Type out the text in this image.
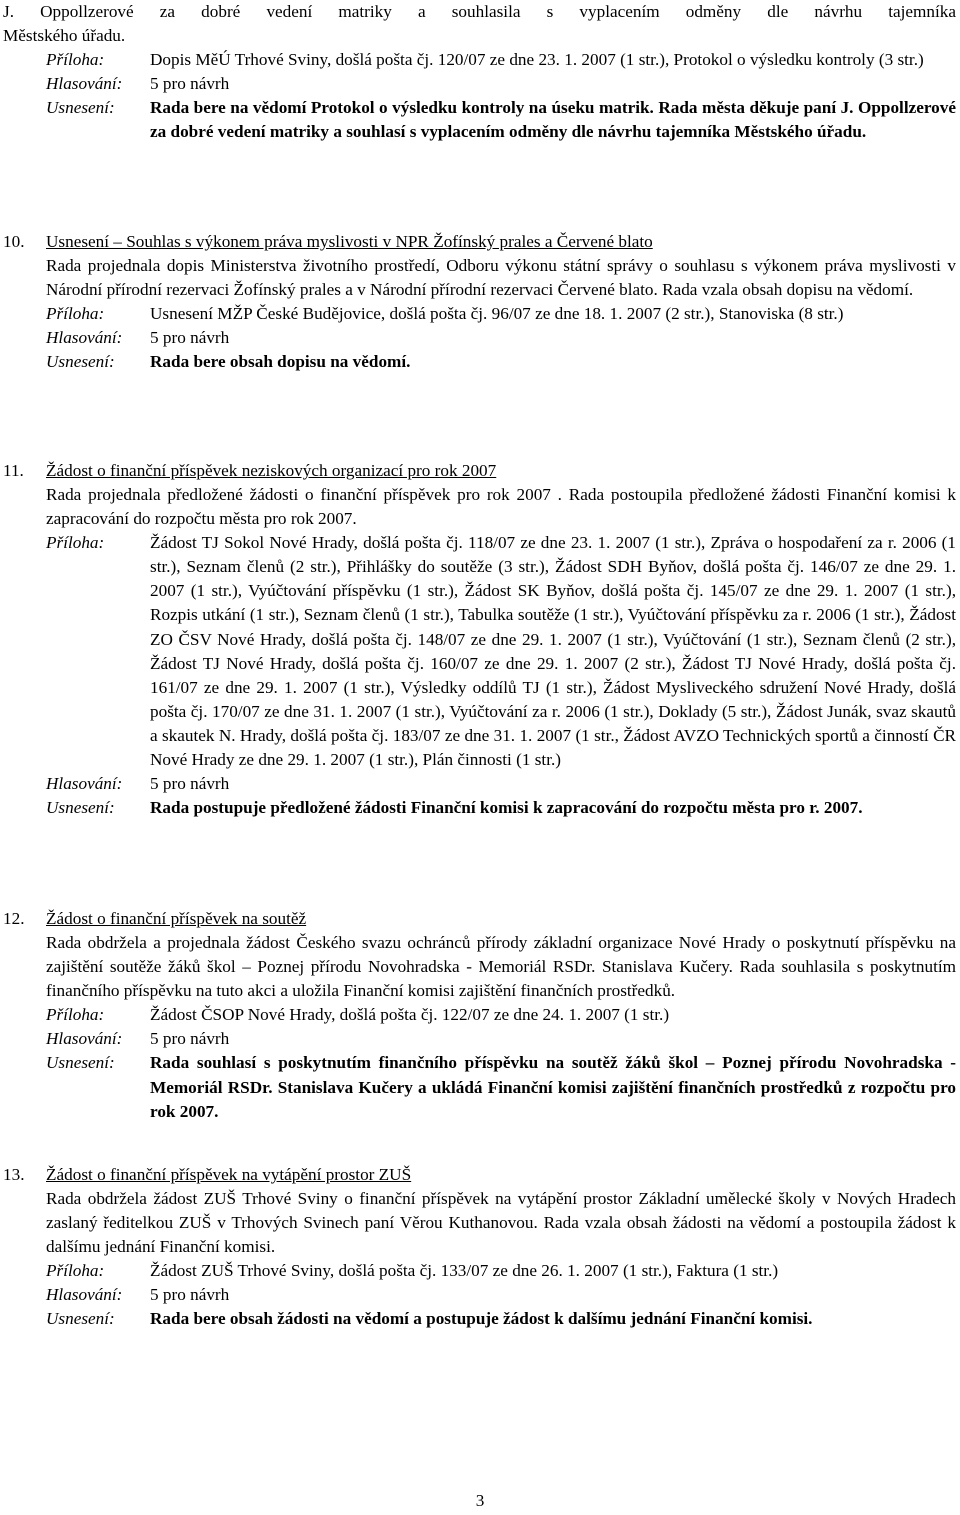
J. Oppollzerové za dobré vedení matriky a souhlasila s vyplacením odměny dle návrhu tajemníka
Městského úřadu.
Příloha:	Dopis MěÚ Trhové Sviny, došlá pošta čj. 120/07 ze dne 23. 1. 2007 (1 str.), Protokol o výsledku kontroly (3 str.)
Hlasování:	5 pro návrh
Usnesení:	Rada bere na vědomí Protokol o výsledku kontroly na úseku matrik. Rada města děkuje paní J. Oppollzerové za dobré vedení matriky a souhlasí s vyplacením odměny dle návrhu tajemníka Městského úřadu.
10. Usnesení – Souhlas s výkonem práva myslivosti v NPR Žofínský prales a Červené blato
Rada projednala dopis Ministerstva životního prostředí, Odboru výkonu státní správy o souhlasu s výkonem práva myslivosti v Národní přírodní rezervaci Žofínský prales a v Národní přírodní rezervaci Červené blato. Rada vzala obsah dopisu na vědomí.
Příloha:	Usnesení MŽP České Budějovice, došlá pošta čj. 96/07 ze dne 18. 1. 2007 (2 str.), Stanoviska (8 str.)
Hlasování:	5 pro návrh
Usnesení:	Rada bere obsah dopisu na vědomí.
11. Žádost o finanční příspěvek neziskových organizací pro rok 2007
Rada projednala předložené žádosti o finanční příspěvek pro rok 2007 . Rada postoupila předložené žádosti Finanční komisi k zapracování do rozpočtu města pro rok 2007.
Příloha:	Žádost TJ Sokol Nové Hrady, došlá pošta čj. 118/07 ze dne 23. 1. 2007 (1 str.), Zpráva o hospodaření za r. 2006 (1 str.), Seznam členů (2 str.), Přihlášky do soutěže (3 str.), Žádost SDH Byňov, došlá pošta čj. 146/07 ze dne 29. 1. 2007 (1 str.), Vyúčtování příspěvku (1 str.), Žádost SK Byňov, došlá pošta čj. 145/07 ze dne 29. 1. 2007 (1 str.), Rozpis utkání (1 str.), Seznam členů (1 str.), Tabulka soutěže (1 str.), Vyúčtování příspěvku za r. 2006 (1 str.), Žádost ZO ČSV Nové Hrady, došlá pošta čj. 148/07 ze dne 29. 1. 2007 (1 str.), Vyúčtování (1 str.), Seznam členů (2 str.), Žádost TJ Nové Hrady, došlá pošta čj. 160/07 ze dne 29. 1. 2007 (2 str.), Žádost TJ Nové Hrady, došlá pošta čj. 161/07 ze dne 29. 1. 2007 (1 str.), Výsledky oddílů TJ (1 str.), Žádost Mysliveckého sdružení Nové Hrady, došlá pošta čj. 170/07 ze dne 31. 1. 2007 (1 str.), Vyúčtování za r. 2006 (1 str.), Doklady (5 str.), Žádost Junák, svaz skautů a skautek N. Hrady, došlá pošta čj. 183/07 ze dne 31. 1. 2007 (1 str., Žádost AVZO Technických sportů a činností ČR Nové Hrady ze dne 29. 1. 2007 (1 str.), Plán činnosti (1 str.)
Hlasování:	5 pro návrh
Usnesení:	Rada postupuje předložené žádosti Finanční komisi k zapracování do rozpočtu města pro r. 2007.
12. Žádost o finanční příspěvek na soutěž
Rada obdržela a projednala žádost Českého svazu ochránců přírody základní organizace Nové Hrady o poskytnutí příspěvku na zajištění soutěže žáků škol – Poznej přírodu Novohradska - Memoriál RSDr. Stanislava Kučery. Rada souhlasila s poskytnutím finančního příspěvku na tuto akci a uložila Finanční komisi zajištění finančních prostředků.
Příloha:	Žádost ČSOP Nové Hrady, došlá pošta čj. 122/07 ze dne 24. 1. 2007 (1 str.)
Hlasování:	5 pro návrh
Usnesení:	Rada souhlasí s poskytnutím finančního příspěvku na soutěž žáků škol – Poznej přírodu Novohradska - Memoriál RSDr. Stanislava Kučery a ukládá Finanční komisi zajištění finančních prostředků z rozpočtu pro rok 2007.
13. Žádost o finanční příspěvek na vytápění prostor ZUŠ
Rada obdržela žádost ZUŠ Trhové Sviny o finanční příspěvek na vytápění prostor Základní umělecké školy v Nových Hradech zaslaný ředitelkou ZUŠ v Trhových Svinech paní Věrou Kuthanovou. Rada vzala obsah žádosti na vědomí a postoupila žádost k dalšímu jednání Finanční komisi.
Příloha:	Žádost ZUŠ Trhové Sviny, došlá pošta čj. 133/07 ze dne 26. 1. 2007 (1 str.), Faktura (1 str.)
Hlasování:	5 pro návrh
Usnesení:	Rada bere obsah žádosti na vědomí a postupuje žádost k dalšímu jednání Finanční komisi.
3
